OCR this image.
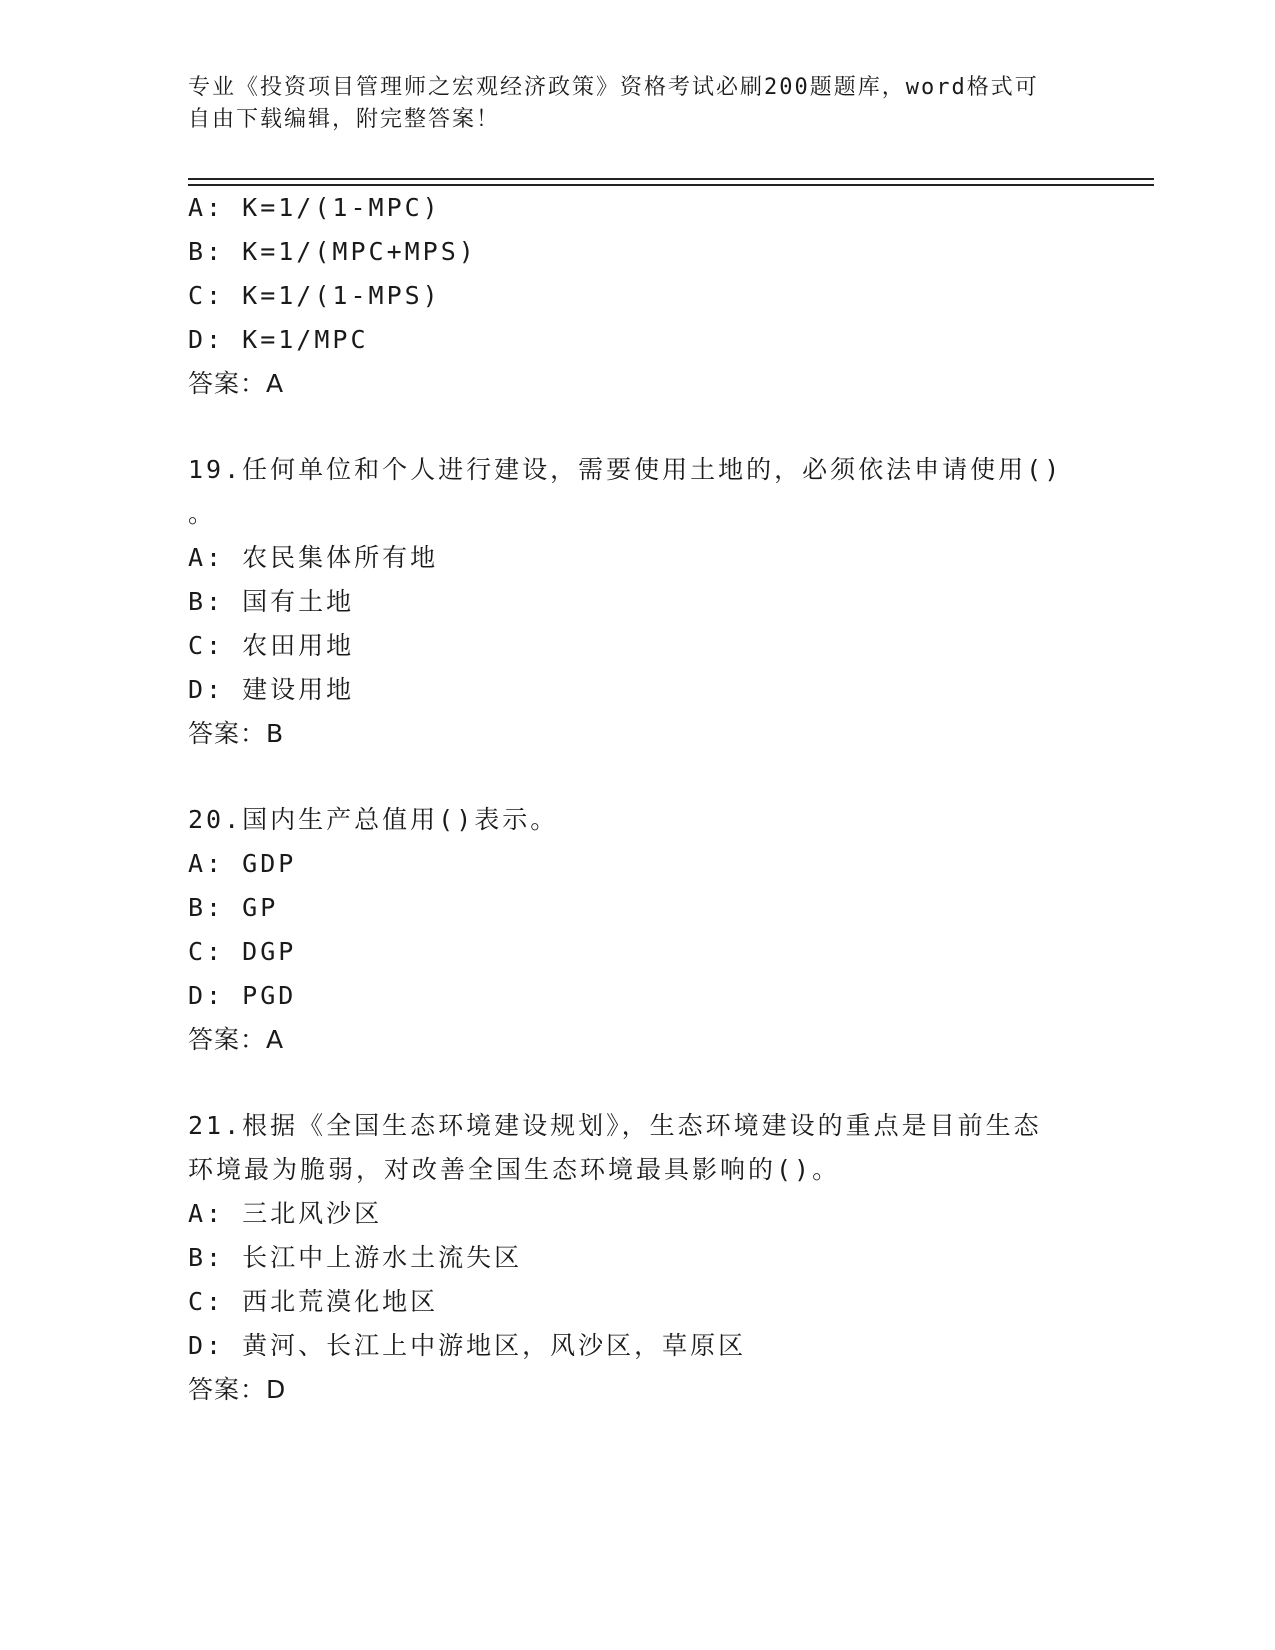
专业《投资项目管理师之宏观经济政策》资格考试必刷200题题库，word格式可
自由下载编辑，附完整答案！
A: K=1/(1-MPC)
B: K=1/(MPC+MPS)
C: K=1/(1-MPS)
D: K=1/MPC
答案：A
19.任何单位和个人进行建设，需要使用土地的，必须依法申请使用()
。
A: 农民集体所有地
B: 国有土地
C: 农田用地
D: 建设用地
答案：B
20.国内生产总值用()表示。
A: GDP
B: GP
C: DGP
D: PGD
答案：A
21.根据《全国生态环境建设规划》，生态环境建设的重点是目前生态
环境最为脆弱，对改善全国生态环境最具影响的()。
A: 三北风沙区
B: 长江中上游水土流失区
C: 西北荒漠化地区
D: 黄河、长江上中游地区，风沙区，草原区
答案：D
